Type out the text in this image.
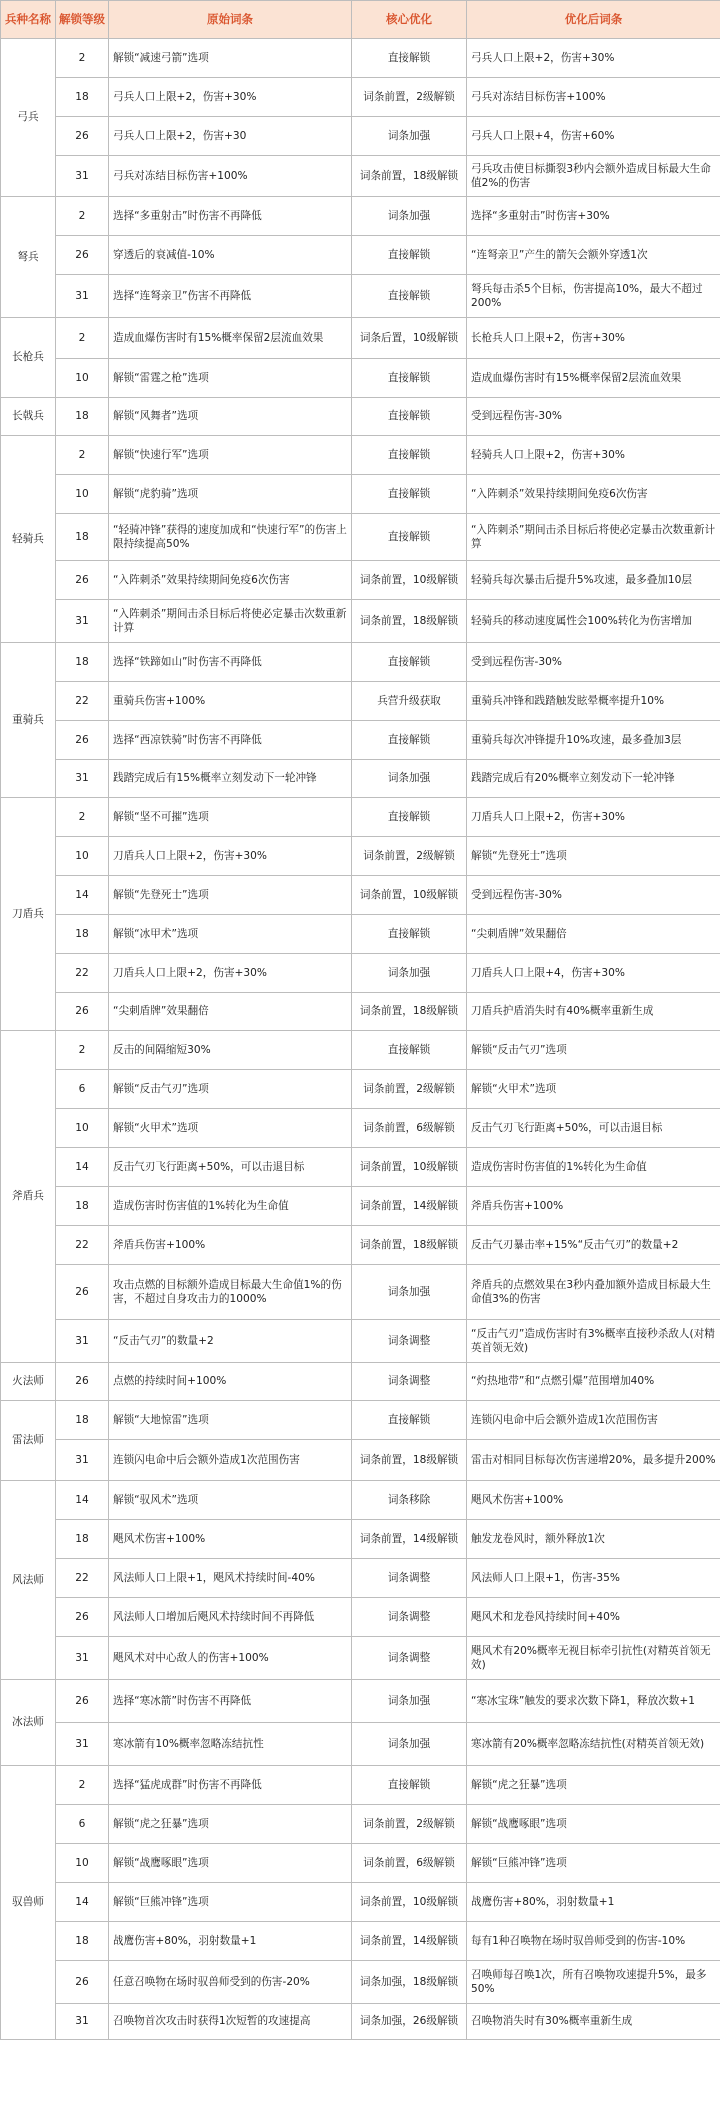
兵种名称	解锁等级	原始词条	核心优化	优化后词条
弓兵	2	解锁“减速弓箭”选项	直接解锁	弓兵人口上限+2，伤害+30%
	18	弓兵人口上限+2，伤害+30%	词条前置，2级解锁	弓兵对冻结目标伤害+100%
	26	弓兵人口上限+2，伤害+30	词条加强	弓兵人口上限+4，伤害+60%
	31	弓兵对冻结目标伤害+100%	词条前置，18级解锁	弓兵攻击使目标撕裂3秒内会额外造成目标最大生命值2%的伤害
弩兵	2	选择“多重射击”时伤害不再降低	词条加强	选择“多重射击”时伤害+30%
	26	穿透后的衰减值-10%	直接解锁	“连弩亲卫”产生的箭矢会额外穿透1次
	31	选择“连弩亲卫”伤害不再降低	直接解锁	弩兵每击杀5个目标，伤害提高10%，最大不超过200%
长枪兵	2	造成血爆伤害时有15%概率保留2层流血效果	词条后置，10级解锁	长枪兵人口上限+2，伤害+30%
	10	解锁“雷霆之枪”选项	直接解锁	造成血爆伤害时有15%概率保留2层流血效果
长戟兵	18	解锁“风舞者”选项	直接解锁	受到远程伤害-30%
轻骑兵	2	解锁“快速行军”选项	直接解锁	轻骑兵人口上限+2，伤害+30%
	10	解锁“虎豹骑”选项	直接解锁	“入阵刺杀”效果持续期间免疫6次伤害
	18	“轻骑冲锋”获得的速度加成和“快速行军”的伤害上限持续提高50%	直接解锁	“入阵刺杀”期间击杀目标后将使必定暴击次数重新计算
	26	“入阵刺杀”效果持续期间免疫6次伤害	词条前置，10级解锁	轻骑兵每次暴击后提升5%攻速，最多叠加10层
	31	“入阵刺杀”期间击杀目标后将使必定暴击次数重新计算	词条前置，18级解锁	轻骑兵的移动速度属性会100%转化为伤害增加
重骑兵	18	选择“铁蹄如山”时伤害不再降低	直接解锁	受到远程伤害-30%
	22	重骑兵伤害+100%	兵营升级获取	重骑兵冲锋和践踏触发眩晕概率提升10%
	26	选择“西凉铁骑”时伤害不再降低	直接解锁	重骑兵每次冲锋提升10%攻速，最多叠加3层
	31	践踏完成后有15%概率立刻发动下一轮冲锋	词条加强	践踏完成后有20%概率立刻发动下一轮冲锋
刀盾兵	2	解锁“坚不可摧”选项	直接解锁	刀盾兵人口上限+2，伤害+30%
	10	刀盾兵人口上限+2，伤害+30%	词条前置，2级解锁	解锁“先登死士”选项
	14	解锁“先登死士”选项	词条前置，10级解锁	受到远程伤害-30%
	18	解锁“冰甲术”选项	直接解锁	“尖刺盾牌”效果翻倍
	22	刀盾兵人口上限+2，伤害+30%	词条加强	刀盾兵人口上限+4，伤害+30%
	26	“尖刺盾牌”效果翻倍	词条前置，18级解锁	刀盾兵护盾消失时有40%概率重新生成
斧盾兵	2	反击的间隔缩短30%	直接解锁	解锁“反击气刃”选项
	6	解锁“反击气刃”选项	词条前置，2级解锁	解锁“火甲术”选项
	10	解锁“火甲术”选项	词条前置，6级解锁	反击气刃飞行距离+50%，可以击退目标
	14	反击气刃飞行距离+50%，可以击退目标	词条前置，10级解锁	造成伤害时伤害值的1%转化为生命值
	18	造成伤害时伤害值的1%转化为生命值	词条前置，14级解锁	斧盾兵伤害+100%
	22	斧盾兵伤害+100%	词条前置，18级解锁	反击气刃暴击率+15%“反击气刃”的数量+2
	26	攻击点燃的目标额外造成目标最大生命值1%的伤害，不超过自身攻击力的1000%	词条加强	斧盾兵的点燃效果在3秒内叠加额外造成目标最大生命值3%的伤害
	31	“反击气刃”的数量+2	词条调整	“反击气刃”造成伤害时有3%概率直接秒杀敌人(对精英首领无效)
火法师	26	点燃的持续时间+100%	词条调整	“灼热地带”和“点燃引爆”范围增加40%
雷法师	18	解锁“大地惊雷”选项	直接解锁	连锁闪电命中后会额外造成1次范围伤害
	31	连锁闪电命中后会额外造成1次范围伤害	词条前置，18级解锁	雷击对相同目标每次伤害递增20%，最多提升200%
风法师	14	解锁“驭风术”选项	词条移除	飓风术伤害+100%
	18	飓风术伤害+100%	词条前置，14级解锁	触发龙卷风时，额外释放1次
	22	风法师人口上限+1，飓风术持续时间-40%	词条调整	风法师人口上限+1，伤害-35%
	26	风法师人口增加后飓风术持续时间不再降低	词条调整	飓风术和龙卷风持续时间+40%
	31	飓风术对中心敌人的伤害+100%	词条调整	飓风术有20%概率无视目标牵引抗性(对精英首领无效)
冰法师	26	选择“寒冰箭”时伤害不再降低	词条加强	“寒冰宝珠”触发的要求次数下降1，释放次数+1
	31	寒冰箭有10%概率忽略冻结抗性	词条加强	寒冰箭有20%概率忽略冻结抗性(对精英首领无效)
驭兽师	2	选择“猛虎成群”时伤害不再降低	直接解锁	解锁“虎之狂暴”选项
	6	解锁“虎之狂暴”选项	词条前置，2级解锁	解锁“战鹰啄眼”选项
	10	解锁“战鹰啄眼”选项	词条前置，6级解锁	解锁“巨熊冲锋”选项
	14	解锁“巨熊冲锋”选项	词条前置，10级解锁	战鹰伤害+80%，羽射数量+1
	18	战鹰伤害+80%，羽射数量+1	词条前置，14级解锁	每有1种召唤物在场时驭兽师受到的伤害-10%
	26	任意召唤物在场时驭兽师受到的伤害-20%	词条加强，18级解锁	召唤师每召唤1次，所有召唤物攻速提升5%，最多50%
	31	召唤物首次攻击时获得1次短暂的攻速提高	词条加强，26级解锁	召唤物消失时有30%概率重新生成
